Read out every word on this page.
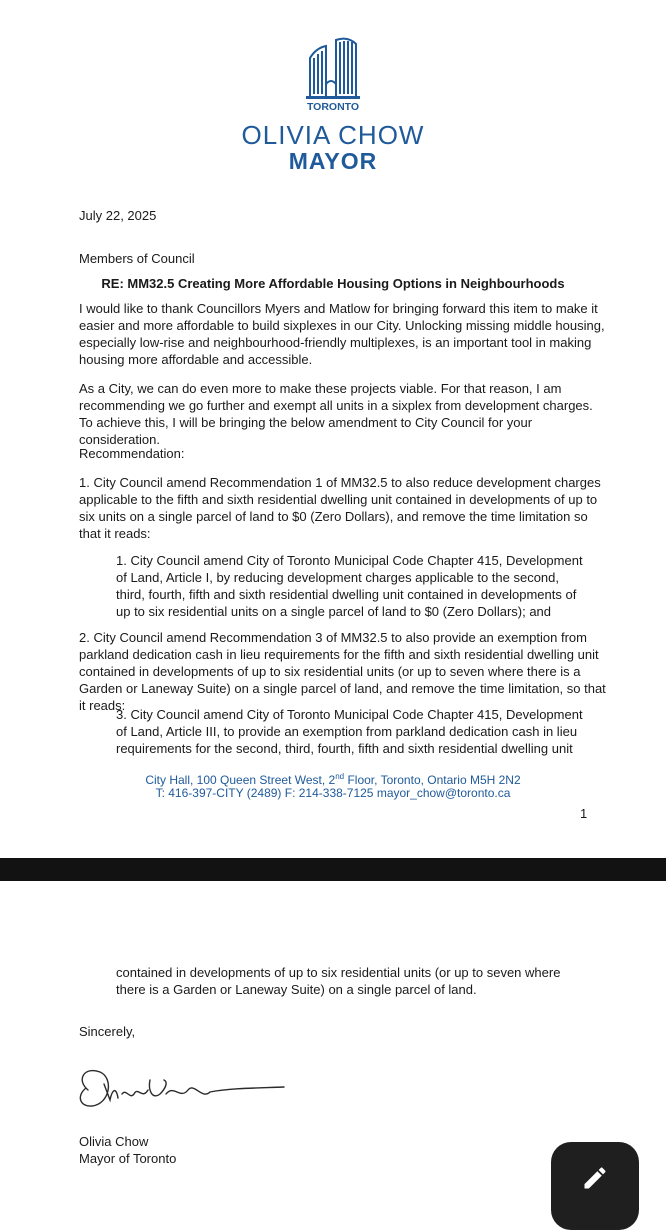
TORONTO
OLIVIA CHOW
MAYOR

July 22, 2025

Members of Council

RE: MM32.5 Creating More Affordable Housing Options in Neighbourhoods

I would like to thank Councillors Myers and Matlow for bringing forward this item to make it easier and more affordable to build sixplexes in our City. Unlocking missing middle housing, especially low-rise and neighbourhood-friendly multiplexes, is an important tool in making housing more affordable and accessible.

As a City, we can do even more to make these projects viable. For that reason, I am recommending we go further and exempt all units in a sixplex from development charges. To achieve this, I will be bringing the below amendment to City Council for your consideration.

Recommendation:

1. City Council amend Recommendation 1 of MM32.5 to also reduce development charges applicable to the fifth and sixth residential dwelling unit contained in developments of up to six units on a single parcel of land to $0 (Zero Dollars), and remove the time limitation so that it reads:

1. City Council amend City of Toronto Municipal Code Chapter 415, Development of Land, Article I, by reducing development charges applicable to the second, third, fourth, fifth and sixth residential dwelling unit contained in developments of up to six residential units on a single parcel of land to $0 (Zero Dollars); and

2. City Council amend Recommendation 3 of MM32.5 to also provide an exemption from parkland dedication cash in lieu requirements for the fifth and sixth residential dwelling unit contained in developments of up to six residential units (or up to seven where there is a Garden or Laneway Suite) on a single parcel of land, and remove the time limitation, so that it reads:

3. City Council amend City of Toronto Municipal Code Chapter 415, Development of Land, Article III, to provide an exemption from parkland dedication cash in lieu requirements for the second, third, fourth, fifth and sixth residential dwelling unit

City Hall, 100 Queen Street West, 2nd Floor, Toronto, Ontario M5H 2N2
T: 416-397-CITY (2489) F: 214-338-7125 mayor_chow@toronto.ca
1

contained in developments of up to six residential units (or up to seven where there is a Garden or Laneway Suite) on a single parcel of land.

Sincerely,

Olivia Chow

Mayor of Toronto
